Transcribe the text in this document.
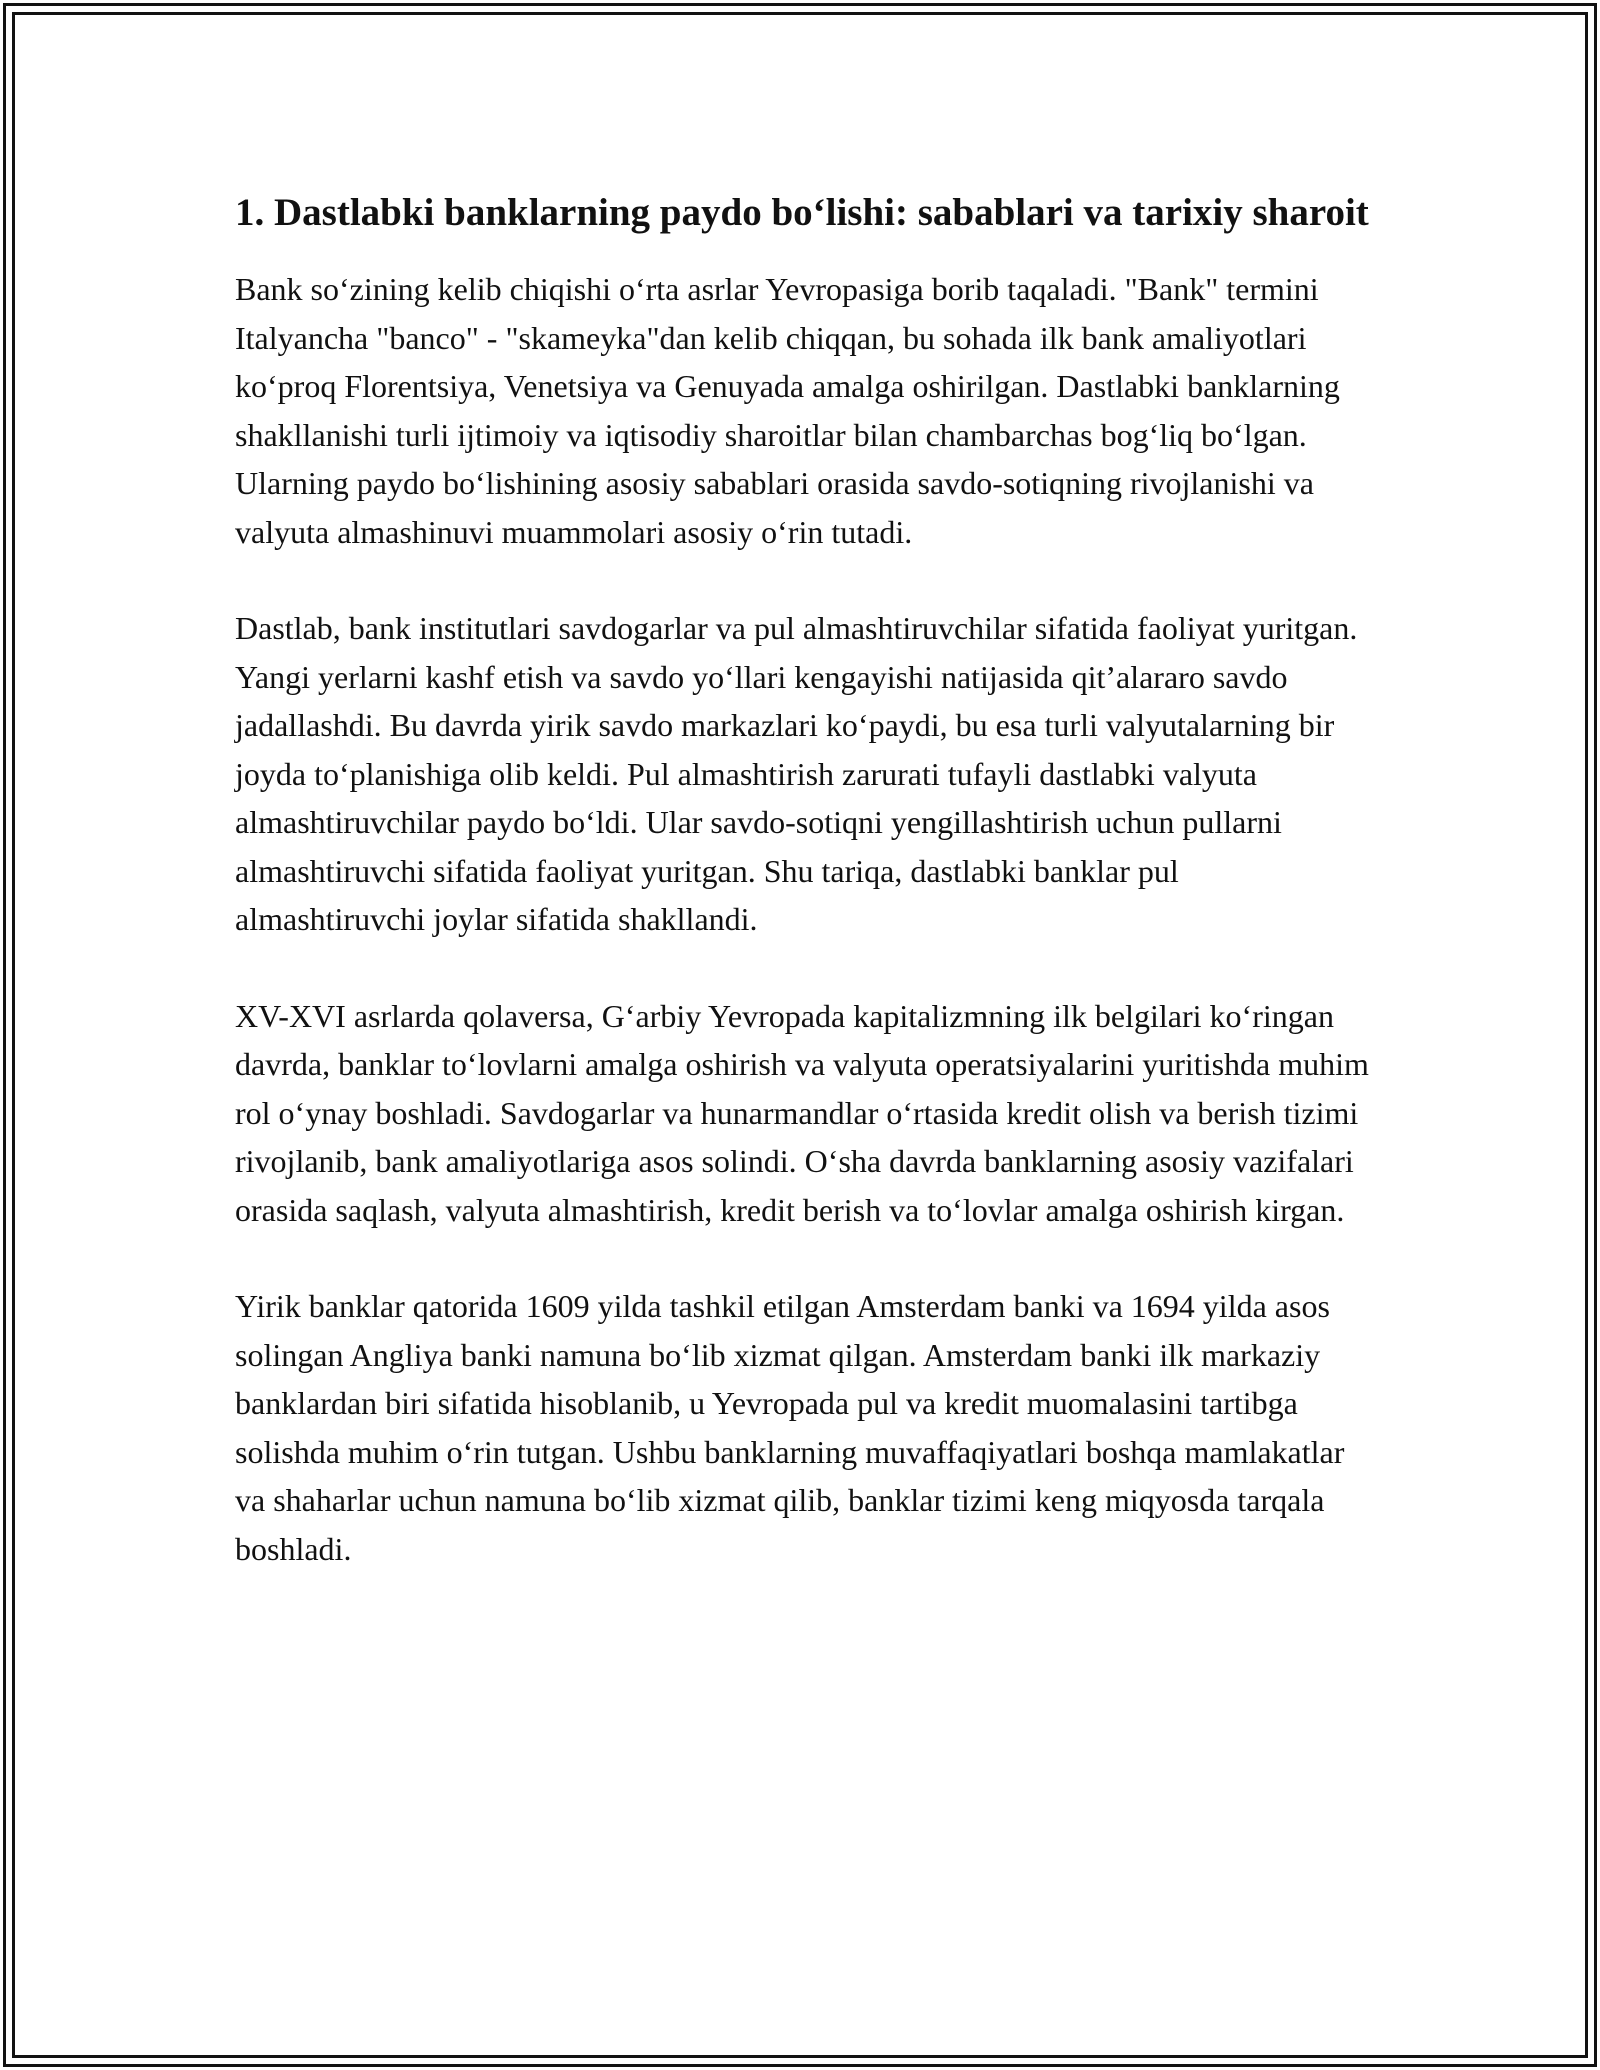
1. Dastlabki banklarning paydo bo‘lishi: sabablari va tarixiy sharoit

Bank so‘zining kelib chiqishi o‘rta asrlar Yevropasiga borib taqaladi. "Bank" termini Italyancha "banco" - "skameyka"dan kelib chiqqan, bu sohada ilk bank amaliyotlari ko‘proq Florentsiya, Venetsiya va Genuyada amalga oshirilgan. Dastlabki banklarning shakllanishi turli ijtimoiy va iqtisodiy sharoitlar bilan chambarchas bog‘liq bo‘lgan. Ularning paydo bo‘lishining asosiy sabablari orasida savdo-sotiqning rivojlanishi va valyuta almashinuvi muammolari asosiy o‘rin tutadi.

Dastlab, bank institutlari savdogarlar va pul almashtiruvchilar sifatida faoliyat yuritgan. Yangi yerlarni kashf etish va savdo yo‘llari kengayishi natijasida qit’alararo savdo jadallashdi. Bu davrda yirik savdo markazlari ko‘paydi, bu esa turli valyutalarning bir joyda to‘planishiga olib keldi. Pul almashtirish zarurati tufayli dastlabki valyuta almashtiruvchilar paydo bo‘ldi. Ular savdo-sotiqni yengillashtirish uchun pullarni almashtiruvchi sifatida faoliyat yuritgan. Shu tariqa, dastlabki banklar pul almashtiruvchi joylar sifatida shakllandi.

XV-XVI asrlarda qolaversa, G‘arbiy Yevropada kapitalizmning ilk belgilari ko‘ringan davrda, banklar to‘lovlarni amalga oshirish va valyuta operatsiyalarini yuritishda muhim rol o‘ynay boshladi. Savdogarlar va hunarmandlar o‘rtasida kredit olish va berish tizimi rivojlanib, bank amaliyotlariga asos solindi. O‘sha davrda banklarning asosiy vazifalari orasida saqlash, valyuta almashtirish, kredit berish va to‘lovlar amalga oshirish kirgan.

Yirik banklar qatorida 1609 yilda tashkil etilgan Amsterdam banki va 1694 yilda asos solingan Angliya banki namuna bo‘lib xizmat qilgan. Amsterdam banki ilk markaziy banklardan biri sifatida hisoblanib, u Yevropada pul va kredit muomalasini tartibga solishda muhim o‘rin tutgan. Ushbu banklarning muvaffaqiyatlari boshqa mamlakatlar va shaharlar uchun namuna bo‘lib xizmat qilib, banklar tizimi keng miqyosda tarqala boshladi.
